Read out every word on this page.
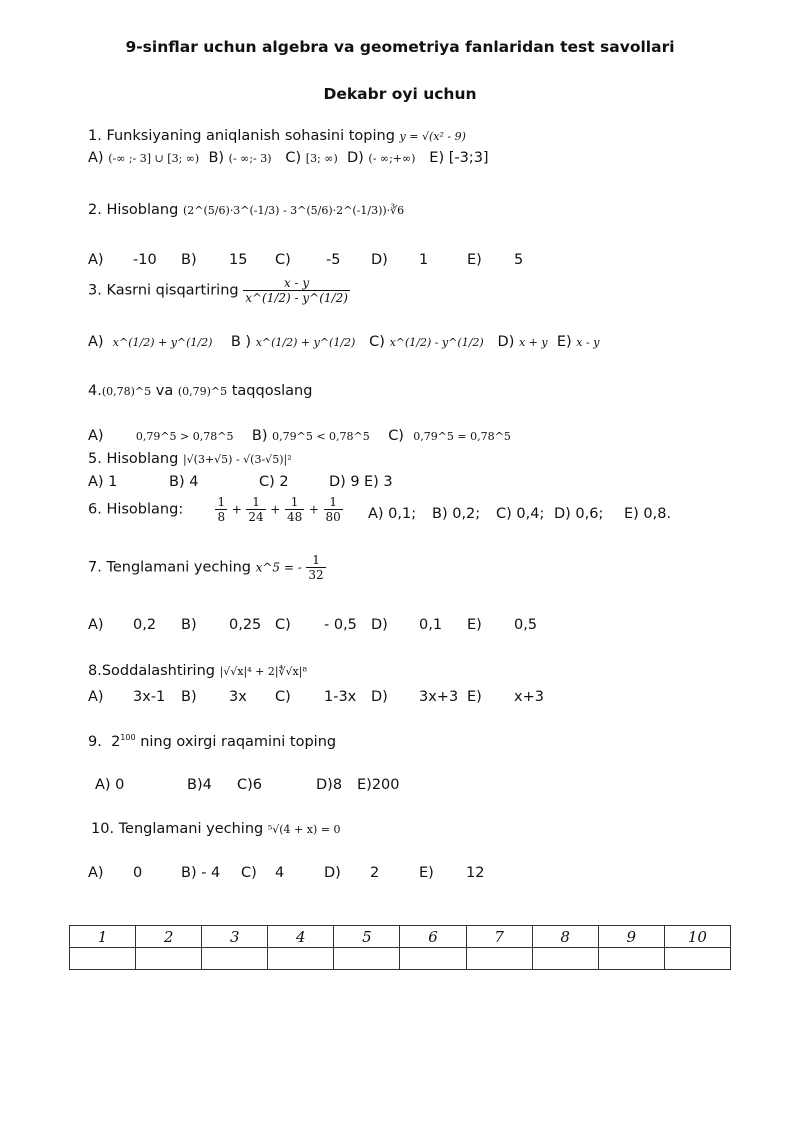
9-sinflar uchun algebra va geometriya fanlaridan test savollari
Dekabr oyi uchun
1. Funksiyaning aniqlanish sohasini toping y = √(x² - 9)
A) (-∞ ;- 3] ∪ [3; ∞) B) (- ∞;- 3) C) [3; ∞) D) (- ∞;+∞) E) [-3;3]
2. Hisoblang (2^(5/6)·3^(-1/3) - 3^(5/6)·2^(-1/3))·∛6
A) -10 B) 15 C) -5 D) 1	E) 5
3. Kasrni qisqartiring $\frac{x - y}{x\^{}(1/2) - y\^{}(1/2)}$
A) x^(1/2) + y^(1/2) B ) x^(1/2) + y^(1/2) C) x^(1/2) - y^(1/2) D) x + y E) x - y
4.(0,78)^5 va (0,79)^5 taqqoslang
A)	0,79^5 > 0,78^5 B) 0,79^5 < 0,78^5 C) 0,79^5 = 0,78^5
5. Hisoblang |√(3+√5) - √(3-√5)|²
A) 1	B) 4	C) 2	D) 9 E) 3
6. Hisoblang:	$\frac{1}{8} + \frac{1}{24} + \frac{1}{48} + \frac{1}{80} A$) 0,1; B) 0,2; C) 0,4; D) 0,6; E) 0,8.
7. Tenglamani yeching x^5 = - $\frac{1}{32}$
A) 0,2 B) 0,25 C) - 0,5 D) 0,1 E) 0,5
8.Soddalashtiring |√√x|⁴ + 2|∜√x|⁸
A) 3x-1 B) 3x C) 1-3x D) 3x+3 E) x+3
9. $2^{100}$ ning oxirgi raqamini toping
A) 0	B)4 C)6	D)8 E)200
10. Tenglamani yeching ⁵√(4 + x) = 0
A) 0	B) - 4 C) 4	D) 2	E) 12
1	2	3	4	5	6	7	8	9	10
